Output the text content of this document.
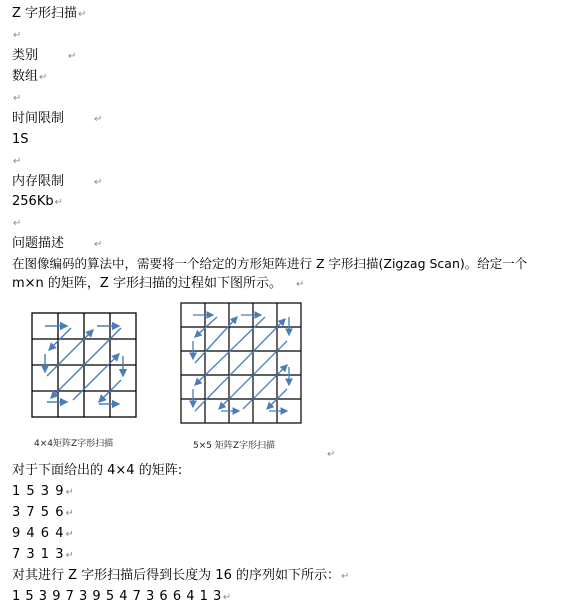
Z 字形扫描↵
↵
类别	↵
数组↵
↵
时间限制	↵
1S
↵
内存限制	↵
256Kb↵
↵
问题描述	↵
在图像编码的算法中，需要将一个给定的方形矩阵进行 Z 字形扫描(Zigzag Scan)。给定一个
m×n 的矩阵，Z 字形扫描的过程如下图所示。 ↵
4×4矩阵Z字形扫描	5×5 矩阵Z字形扫描
↵
对于下面给出的 4×4 的矩阵:
1 5 3 9↵
3 7 5 6↵
9 4 6 4↵
7 3 1 3↵
对其进行 Z 字形扫描后得到长度为 16 的序列如下所示：↵
1 5 3 9 7 3 9 5 4 7 3 6 6 4 1 3↵
